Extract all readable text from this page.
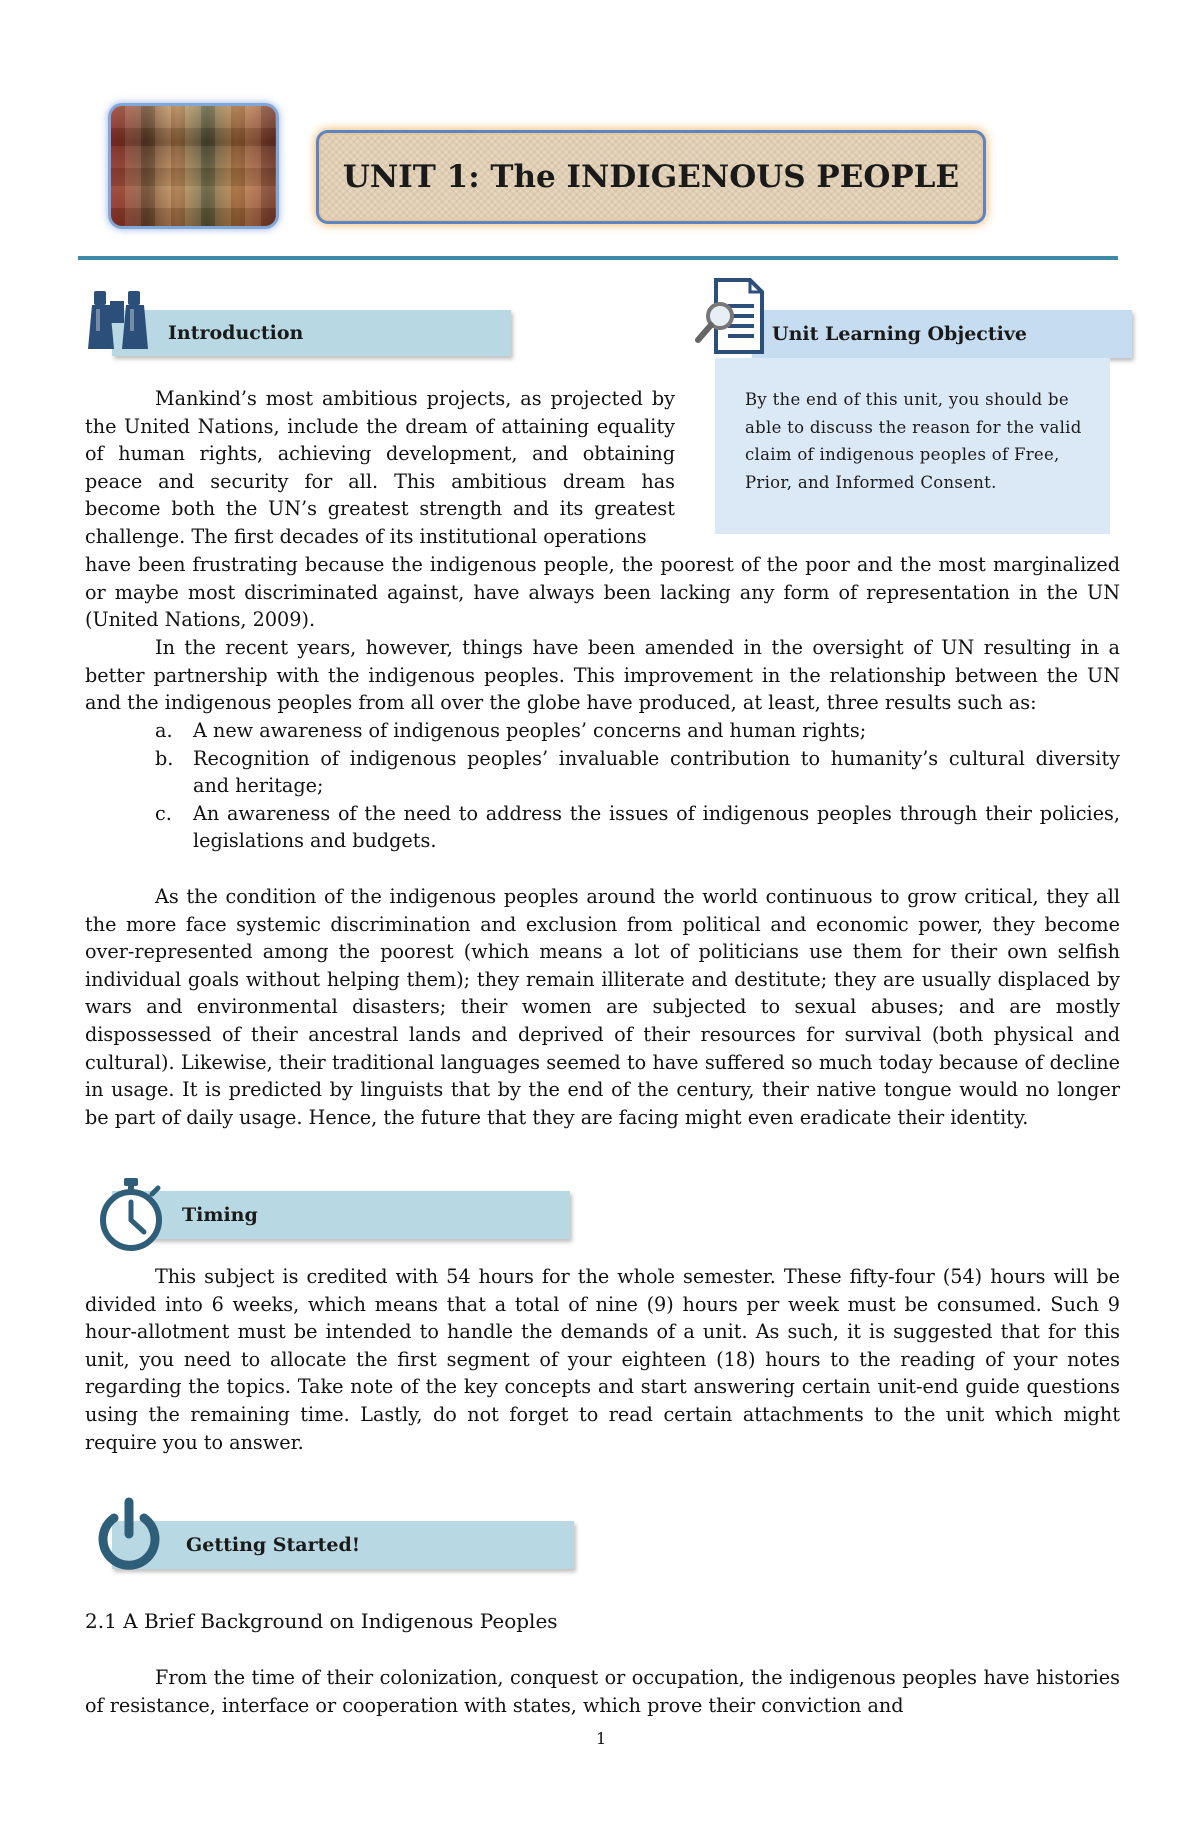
UNIT 1: The INDIGENOUS PEOPLE
Introduction	Unit Learning Objective
By the end of this unit, you should be able to discuss the reason for the valid claim of indigenous peoples of Free, Prior, and Informed Consent.
Mankind’s most ambitious projects, as projected by the United Nations, include the dream of attaining equality of human rights, achieving development, and obtaining peace and security for all. This ambitious dream has become both the UN’s greatest strength and its greatest challenge. The first decades of its institutional operations
have been frustrating because the indigenous people, the poorest of the poor and the most marginalized or maybe most discriminated against, have always been lacking any form of representation in the UN (United Nations, 2009).
In the recent years, however, things have been amended in the oversight of UN resulting in a better partnership with the indigenous peoples. This improvement in the relationship between the UN and the indigenous peoples from all over the globe have produced, at least, three results such as:
a. A new awareness of indigenous peoples’ concerns and human rights;
b. Recognition of indigenous peoples’ invaluable contribution to humanity’s cultural diversity and heritage;
c. An awareness of the need to address the issues of indigenous peoples through their policies, legislations and budgets.
As the condition of the indigenous peoples around the world continuous to grow critical, they all the more face systemic discrimination and exclusion from political and economic power, they become over-represented among the poorest (which means a lot of politicians use them for their own selfish individual goals without helping them); they remain illiterate and destitute; they are usually displaced by wars and environmental disasters; their women are subjected to sexual abuses; and are mostly dispossessed of their ancestral lands and deprived of their resources for survival (both physical and cultural). Likewise, their traditional languages seemed to have suffered so much today because of decline in usage. It is predicted by linguists that by the end of the century, their native tongue would no longer be part of daily usage. Hence, the future that they are facing might even eradicate their identity.
Timing
This subject is credited with 54 hours for the whole semester. These fifty-four (54) hours will be divided into 6 weeks, which means that a total of nine (9) hours per week must be consumed. Such 9 hour-allotment must be intended to handle the demands of a unit. As such, it is suggested that for this unit, you need to allocate the first segment of your eighteen (18) hours to the reading of your notes regarding the topics. Take note of the key concepts and start answering certain unit-end guide questions using the remaining time. Lastly, do not forget to read certain attachments to the unit which might require you to answer.
Getting Started!
2.1 A Brief Background on Indigenous Peoples
From the time of their colonization, conquest or occupation, the indigenous peoples have histories of resistance, interface or cooperation with states, which prove their conviction and
1
